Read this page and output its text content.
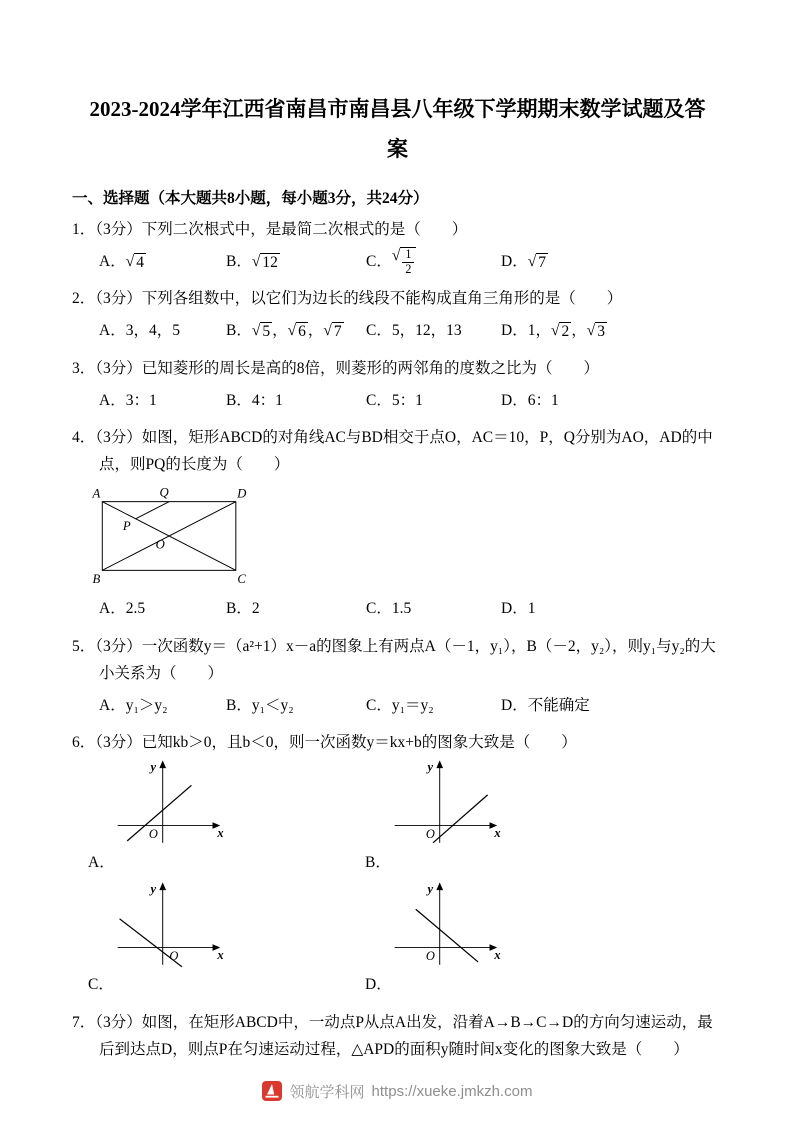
2023-2024学年江西省南昌市南昌县八年级下学期期末数学试题及答
案
一、选择题（本大题共8小题，每小题3分，共24分）

1．（3分）下列二次根式中，是最简二次根式的是（　　）

A． √ 4	B． √ 12	C． √ $\frac{1}{2}$	D． √ 7

2．（3分）下列各组数中，以它们为边长的线段不能构成直角三角形的是（　　）

A．3，4，5	B． √ 5 ， √ 6 ， √ 7 C．5，12，13	D．1， √ 2 ， √ 3

3．（3分）已知菱形的周长是高的8倍，则菱形的两邻角的度数之比为（　　）

A．3：1	B．4：1	C．5：1	D．6：1

4．（3分）如图，矩形ABCD的对角线AC与BD相交于点O，AC＝10，P，Q分别为AO，AD的中点，则PQ的长度为（　　）

A	Q	D
P
O
B	C
A．2.5	B．2	C．1.5	D．1

5．（3分）一次函数y＝（a²+1）x－a的图象上有两点A（－1，y₁），B（－2，y₂），则y₁与y₂的大小关系为（　　）

A．y₁＞y₂	B．y₁＜y₂	C．y₁＝y₂	D．不能确定

6．（3分）已知kb＞0，且b＜0，则一次函数y＝kx+b的图象大致是（　　）

y
x
O

A．

y
x
O

B．

y
x
O

C．

y
x
O

D．

7．（3分）如图，在矩形ABCD中，一动点P从点A出发，沿着A→B→C→D的方向匀速运动，最后到达点D，则点P在匀速运动过程，△APD的面积y随时间x变化的图象大致是（　　）

领航学科网 https://xueke.jmkzh.com
